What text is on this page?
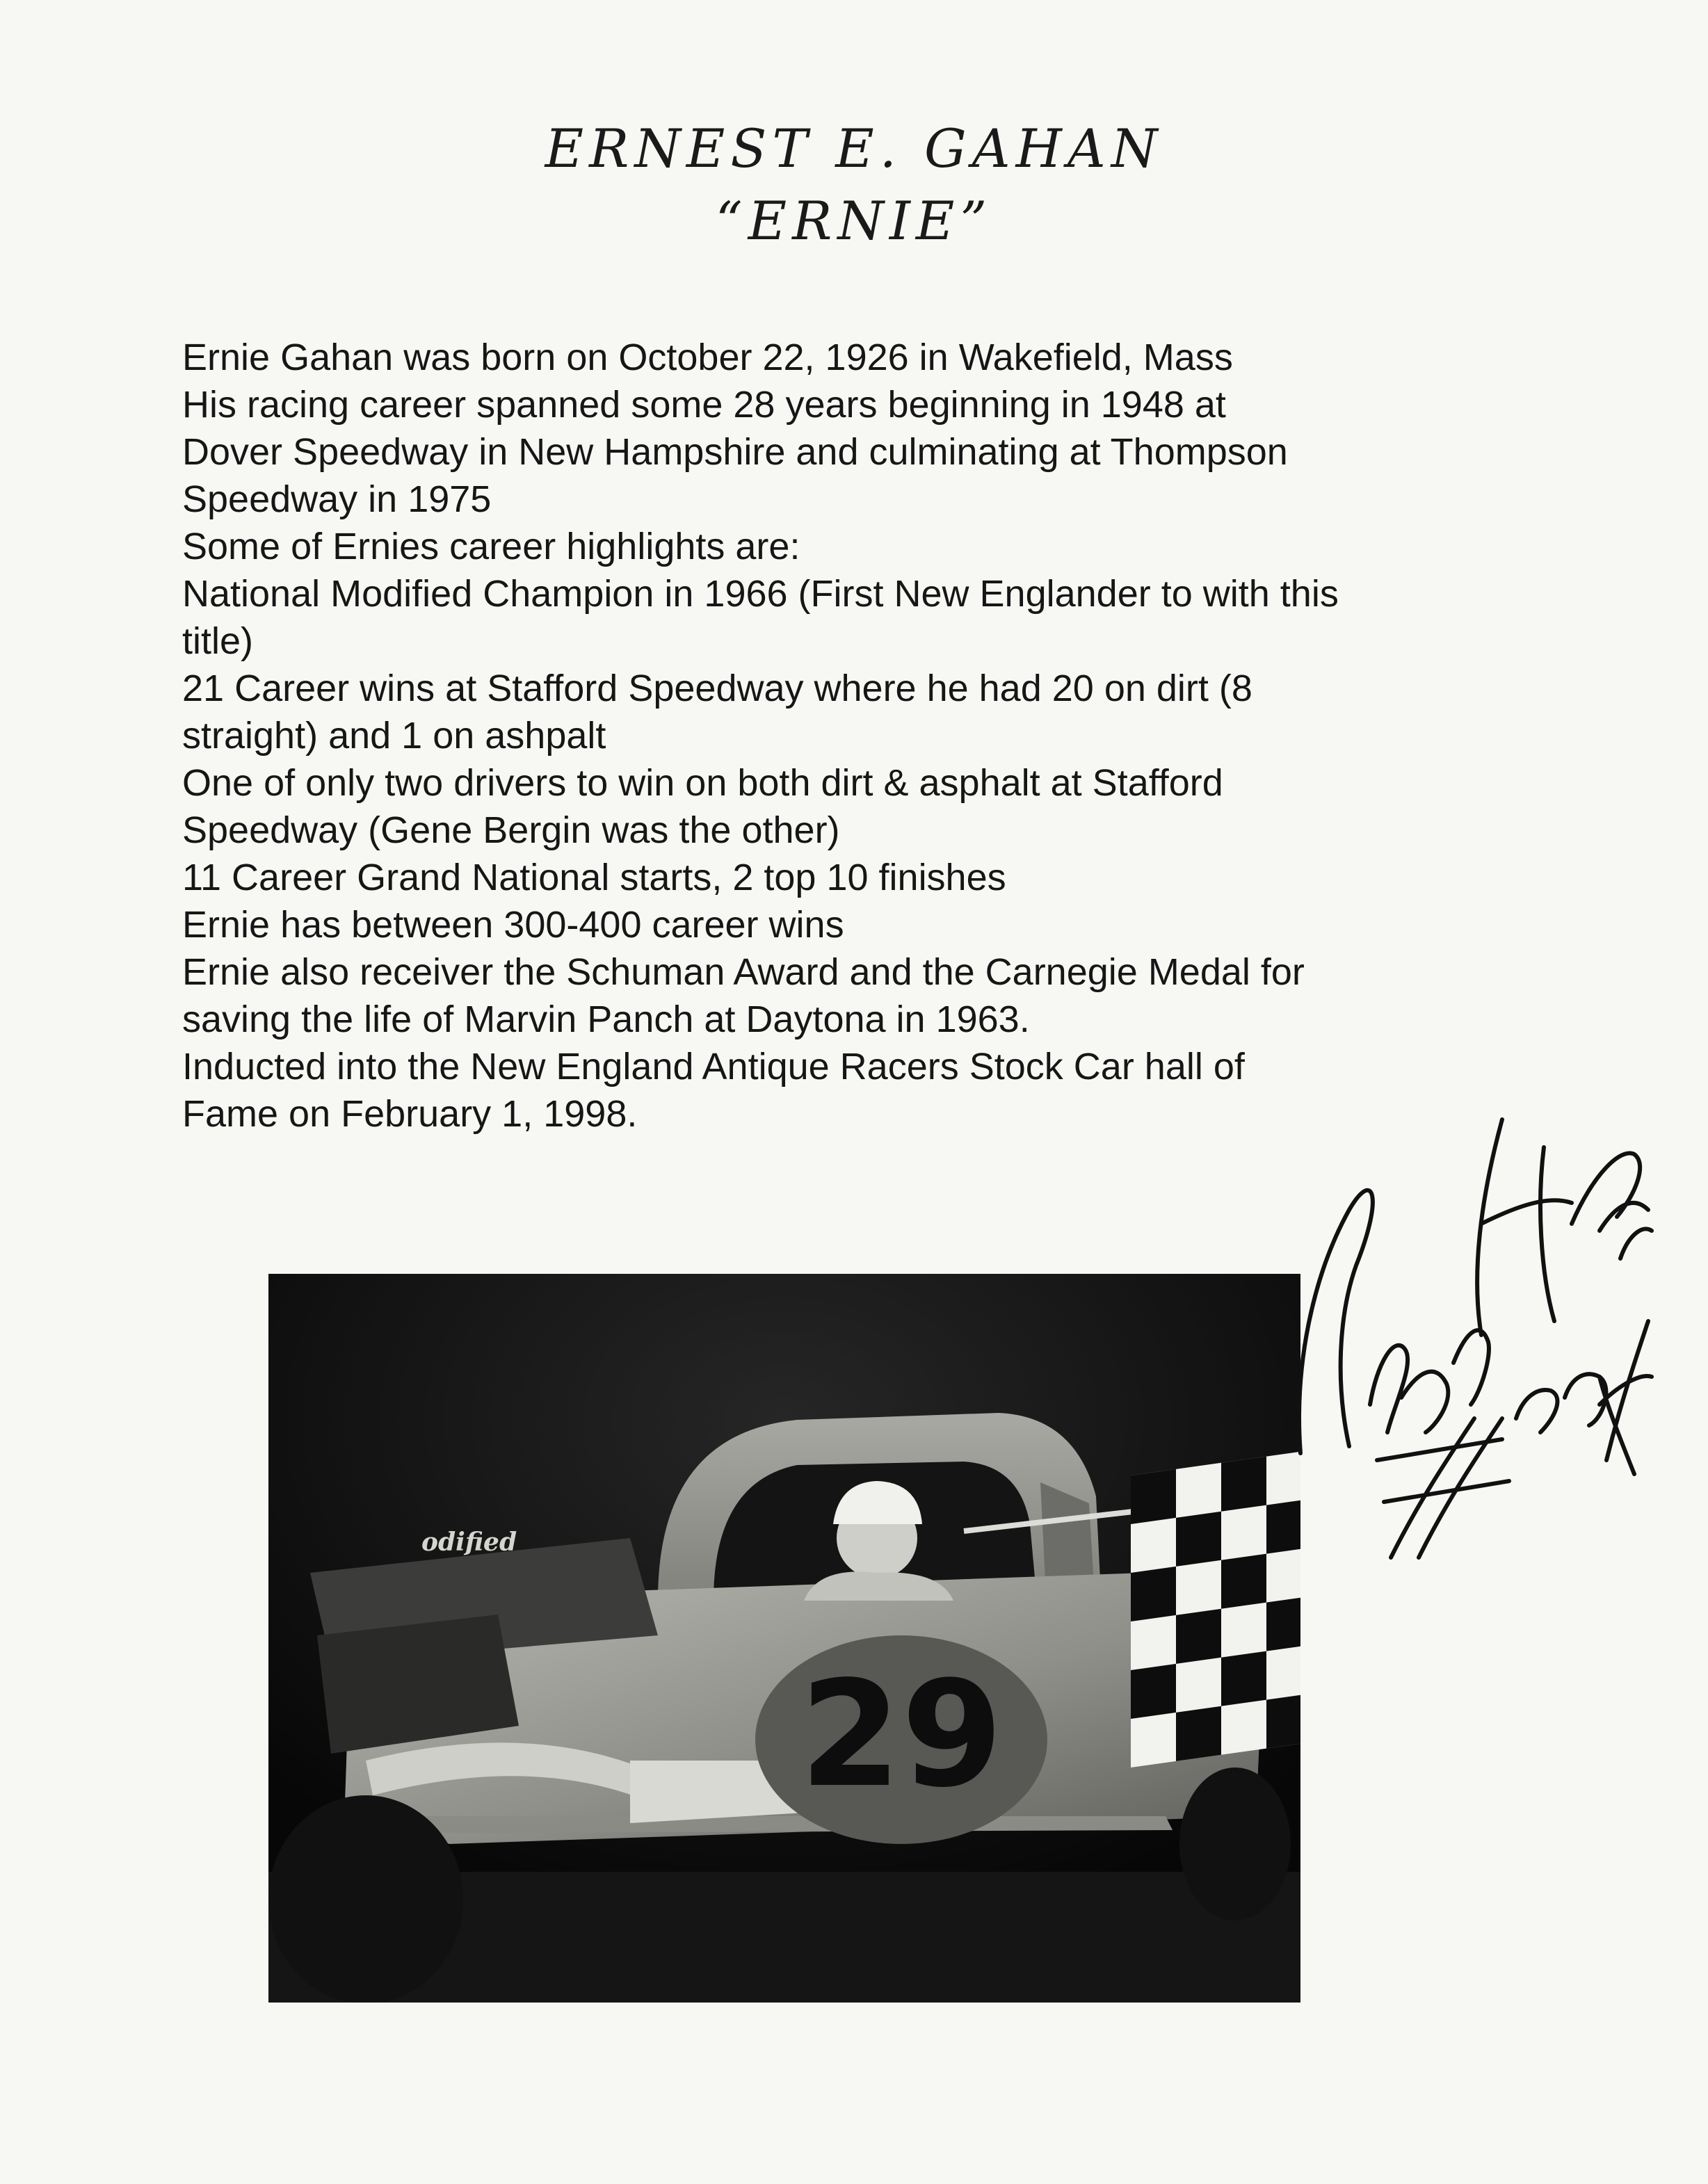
ERNEST E. GAHAN
“ERNIE”
Ernie Gahan was born on October 22, 1926 in Wakefield, Mass
His racing career spanned some 28 years beginning in 1948 at
Dover Speedway in New Hampshire and culminating at Thompson
Speedway in 1975
Some of Ernies career highlights are:
National Modified Champion in 1966 (First New Englander to with this
title)
21 Career wins at Stafford Speedway where he had 20 on dirt (8
straight) and 1 on ashpalt
One of only two drivers to win on both dirt & asphalt at Stafford
Speedway (Gene Bergin was the other)
11 Career Grand National starts, 2 top 10 finishes
Ernie has between 300-400 career wins
Ernie also receiver the Schuman Award and the Carnegie Medal for
saving the life of Marvin Panch at Daytona in 1963.
Inducted into the New England Antique Racers Stock Car hall of
Fame on February 1, 1998.
29
odified
Ernie Gahan
#50-29
